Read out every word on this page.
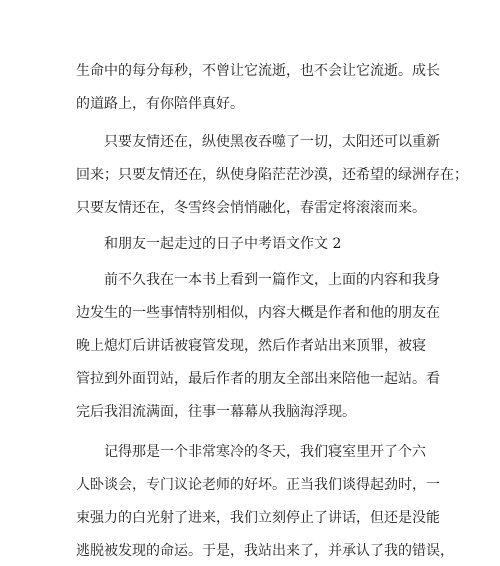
生命中的每分每秒，不曾让它流逝，也不会让它流逝。成长
的道路上，有你陪伴真好。
只要友情还在，纵使黑夜吞噬了一切，太阳还可以重新
回来；只要友情还在，纵使身陷茫茫沙漠，还希望的绿洲存在；
只要友情还在，冬雪终会悄悄融化，春雷定将滚滚而来。
和朋友一起走过的日子中考语文作文 2
前不久我在一本书上看到一篇作文，上面的内容和我身
边发生的一些事情特别相似，内容大概是作者和他的朋友在
晚上熄灯后讲话被寝管发现，然后作者站出来顶罪，被寝
管拉到外面罚站，最后作者的朋友全部出来陪他一起站。看
完后我泪流满面，往事一幕幕从我脑海浮现。
记得那是一个非常寒冷的冬天，我们寝室里开了个六
人卧谈会，专门议论老师的好坏。正当我们谈得起劲时，一
束强力的白光射了进来，我们立刻停止了讲话，但还是没能
逃脱被发现的命运。于是，我站出来了，并承认了我的错误，
